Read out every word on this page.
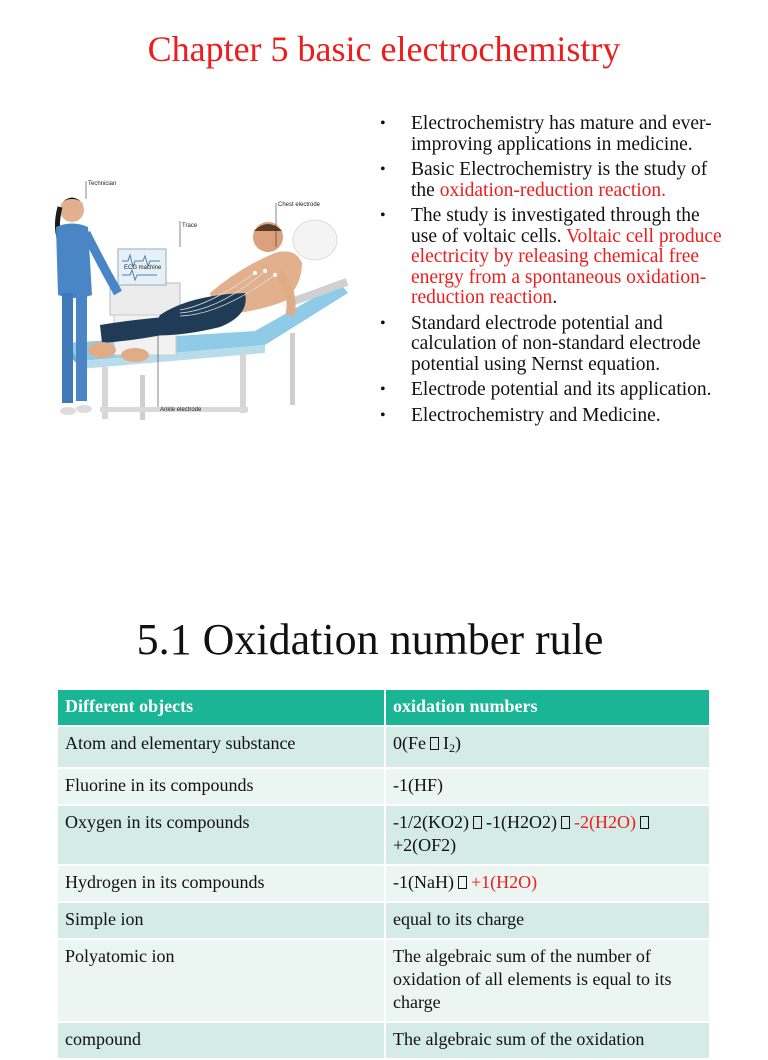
Chapter 5 basic electrochemistry
Technician
Chest electrode
Trace
ECG machine
Ankle electrode
• Electrochemistry has mature and ever-improving applications in medicine.
• Basic Electrochemistry is the study of the oxidation-reduction reaction.
• The study is investigated through the use of voltaic cells. Voltaic cell produce electricity by releasing chemical free energy from a spontaneous oxidation-reduction reaction.
• Standard electrode potential and calculation of non-standard electrode potential using Nernst equation.
• Electrode potential and its application.
• Electrochemistry and Medicine.
5.1 Oxidation number rule
Different objects	oxidation numbers
Atom and elementary substance	0(Fe $I_2$)
Fluorine in its compounds	-1(HF)
Oxygen in its compounds	-1/2(KO2) -1(H2O2) -2(H2O)
+2(OF2)
Hydrogen in its compounds	-1(NaH) +1(H2O)
Simple ion	equal to its charge
Polyatomic ion	The algebraic sum of the number of oxidation of all elements is equal to its charge
compound	The algebraic sum of the oxidation
